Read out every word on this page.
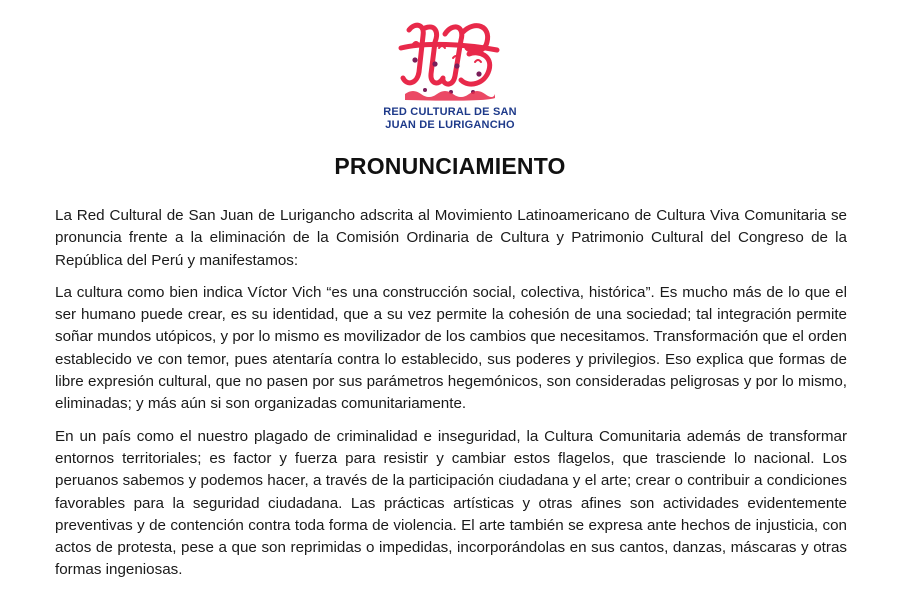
RED CULTURAL DE SAN
JUAN DE LURIGANCHO
PRONUNCIAMIENTO

La Red Cultural de San Juan de Lurigancho adscrita al Movimiento Latinoamericano de Cultura Viva Comunitaria se pronuncia frente a la eliminación de la Comisión Ordinaria de Cultura y Patrimonio Cultural del Congreso de la República del Perú y manifestamos:

La cultura como bien indica Víctor Vich “es una construcción social, colectiva, histórica”. Es mucho más de lo que el ser humano puede crear, es su identidad, que a su vez permite la cohesión de una sociedad; tal integración permite soñar mundos utópicos, y por lo mismo es movilizador de los cambios que necesitamos. Transformación que el orden establecido ve con temor, pues atentaría contra lo establecido, sus poderes y privilegios. Eso explica que formas de libre expresión cultural, que no pasen por sus parámetros hegemónicos, son consideradas peligrosas y por lo mismo, eliminadas; y más aún si son organizadas comunitariamente.

En un país como el nuestro plagado de criminalidad e inseguridad, la Cultura Comunitaria además de transformar entornos territoriales; es factor y fuerza para resistir y cambiar estos flagelos, que trasciende lo nacional. Los peruanos sabemos y podemos hacer, a través de la participación ciudadana y el arte; crear o contribuir a condiciones favorables para la seguridad ciudadana. Las prácticas artísticas y otras afines son actividades evidentemente preventivas y de contención contra toda forma de violencia. El arte también se expresa ante hechos de injusticia, con actos de protesta, pese a que son reprimidas o impedidas, incorporándolas en sus cantos, danzas, máscaras y otras formas ingeniosas.
